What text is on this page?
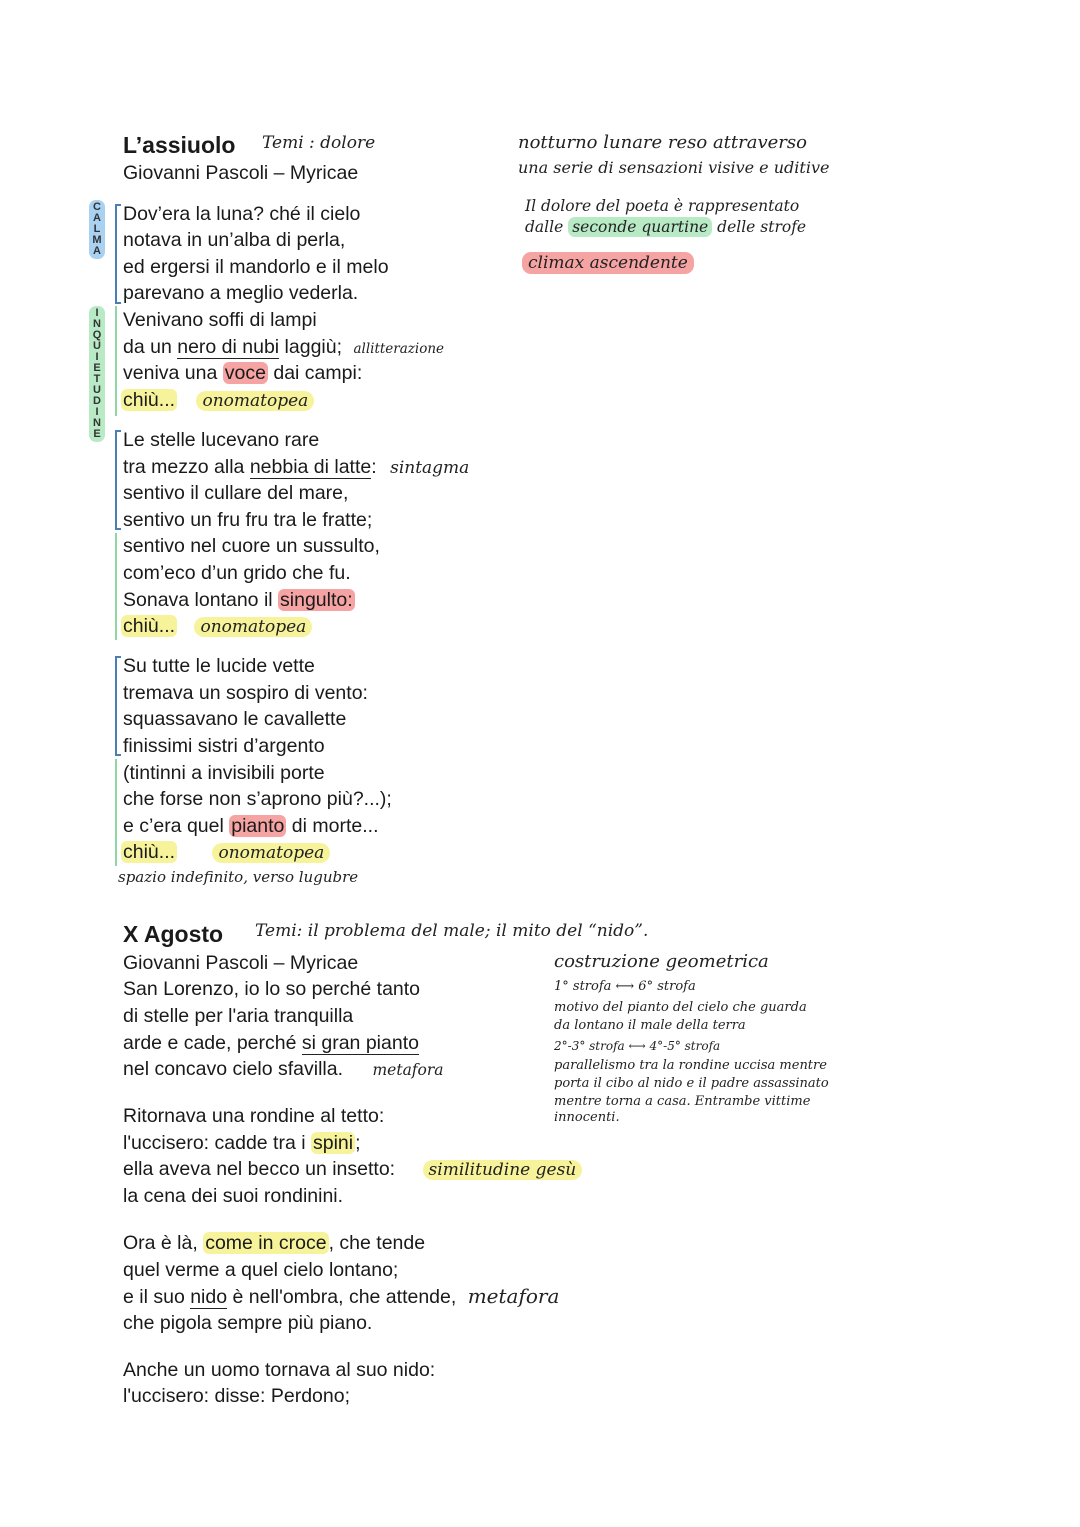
L’assiuolo Temi : dolore
Giovanni Pascoli – Myricae
C
A
L
M
A
I
N
Q
U
I
E
T
U
D
I
N
E
Dov’era la luna? ché il cielo
notava in un’alba di perla,
ed ergersi il mandorlo e il melo
parevano a meglio vederla.
Venivano soffi di lampi
da un nero di nubi laggiù; allitterazione
veniva una voce dai campi:
chiù... onomatopea
Le stelle lucevano rare
tra mezzo alla nebbia di latte: sintagma
sentivo il cullare del mare,
sentivo un fru fru tra le fratte;
sentivo nel cuore un sussulto,
com’eco d’un grido che fu.
Sonava lontano il singulto:
chiù... onomatopea
Su tutte le lucide vette
tremava un sospiro di vento:
squassavano le cavallette
finissimi sistri d’argento
(tintinni a invisibili porte
che forse non s’aprono più?...);
e c’era quel pianto di morte...
chiù...	onomatopea
spazio indefinito, verso lugubre
notturno lunare reso attraverso
una serie di sensazioni visive e uditive
Il dolore del poeta è rappresentato
dalle seconde quartine delle strofe
climax ascendente
X Agosto Temi: il problema del male; il mito del “nido”.
Giovanni Pascoli – Myricae
San Lorenzo, io lo so perché tanto
di stelle per l'aria tranquilla
arde e cade, perché si gran pianto
nel concavo cielo sfavilla. metafora
Ritornava una rondine al tetto:
l'uccisero: cadde tra i spini ;
ella aveva nel becco un insetto: similitudine gesù
la cena dei suoi rondinini.
Ora è là, come in croce , che tende
quel verme a quel cielo lontano;
e il suo nido è nell'ombra, che attende, metafora
che pigola sempre più piano.
Anche un uomo tornava al suo nido:
l'uccisero: disse: Perdono;
costruzione geometrica
1° strofa ⟷ 6° strofa
motivo del pianto del cielo che guarda
da lontano il male della terra
2°-3° strofa ⟷ 4°-5° strofa
parallelismo tra la rondine uccisa mentre
porta il cibo al nido e il padre assassinato
mentre torna a casa. Entrambe vittime
innocenti.
